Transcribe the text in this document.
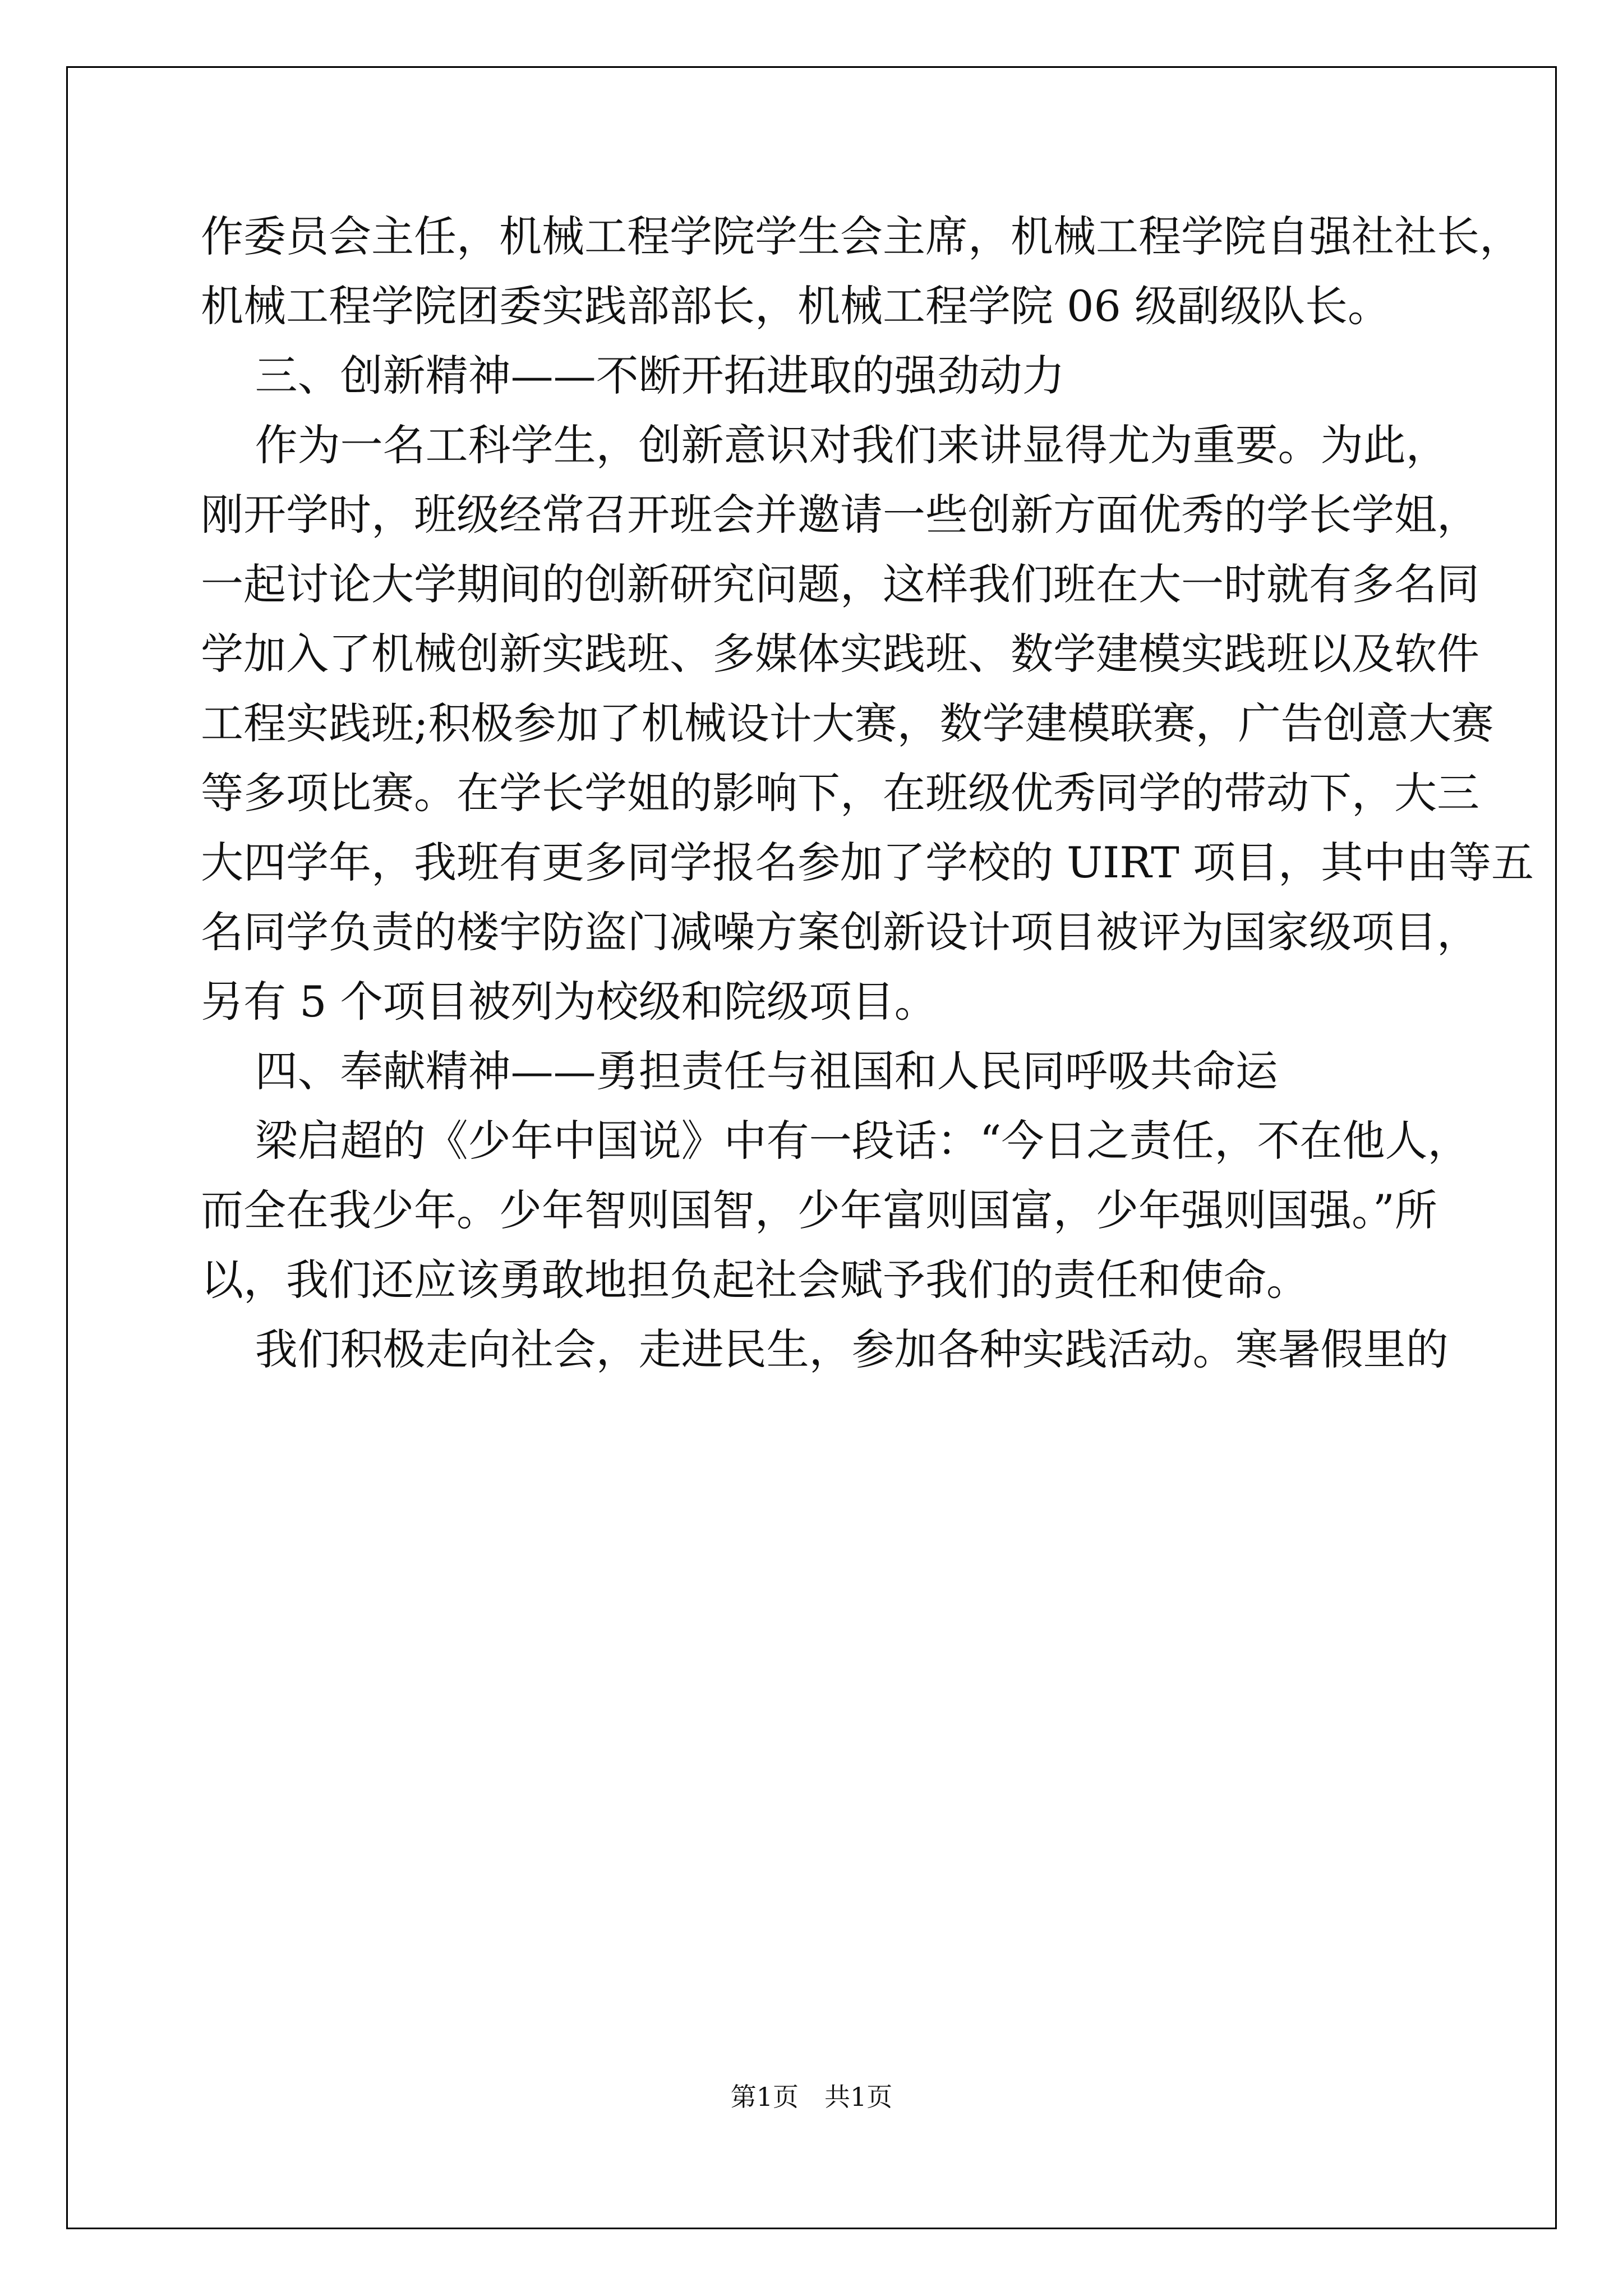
作委员会主任，机械工程学院学生会主席，机械工程学院自强社社长，
机械工程学院团委实践部部长，机械工程学院 06 级副级队长。
三、创新精神——不断开拓进取的强劲动力
作为一名工科学生，创新意识对我们来讲显得尤为重要。为此，
刚开学时，班级经常召开班会并邀请一些创新方面优秀的学长学姐，
一起讨论大学期间的创新研究问题，这样我们班在大一时就有多名同
学加入了机械创新实践班、多媒体实践班、数学建模实践班以及软件
工程实践班;积极参加了机械设计大赛，数学建模联赛，广告创意大赛
等多项比赛。在学长学姐的影响下，在班级优秀同学的带动下，大三
大四学年，我班有更多同学报名参加了学校的 UIRT 项目，其中由等五
名同学负责的楼宇防盗门减噪方案创新设计项目被评为国家级项目，
另有 5 个项目被列为校级和院级项目。
四、奉献精神——勇担责任与祖国和人民同呼吸共命运
梁启超的《少年中国说》中有一段话：“今日之责任，不在他人，
而全在我少年。少年智则国智，少年富则国富，少年强则国强。”所
以，我们还应该勇敢地担负起社会赋予我们的责任和使命。
我们积极走向社会，走进民生，参加各种实践活动。寒暑假里的
第1页　共1页
